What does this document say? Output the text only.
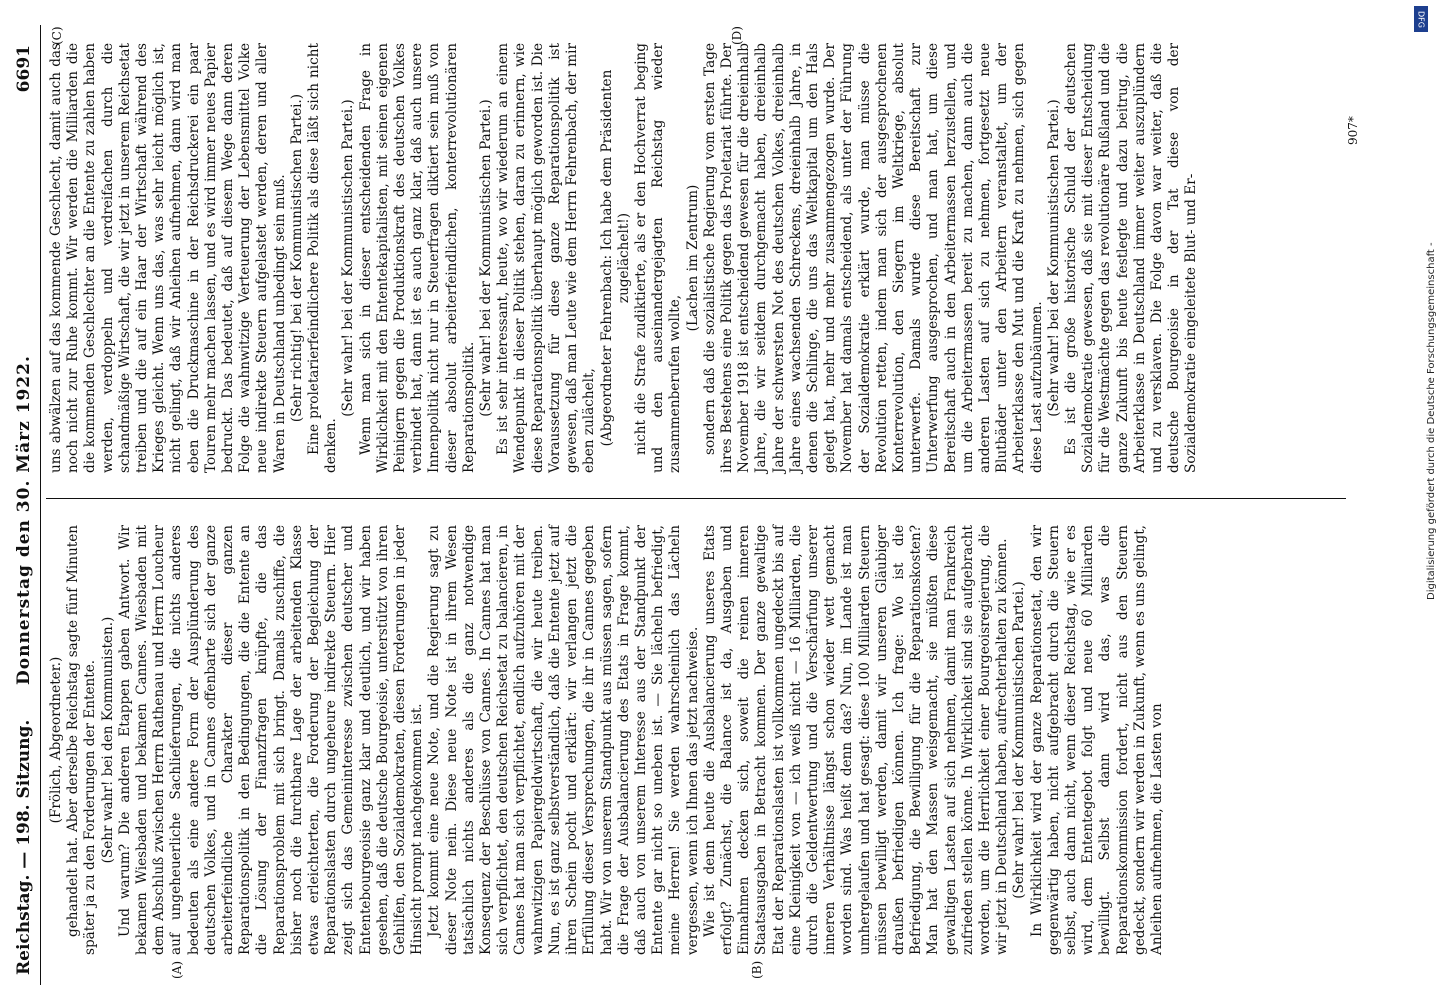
Reichstag. — 198. Sitzung.
Donnerstag den 30. März 1922.
6691
(A)	(B)
(C)	(D)

(Frölich, Abgeordneter.) gehandelt hat. Aber derselbe Reichstag sagte fünf Minuten später ja zu den Forderungen der Entente. (Sehr wahr! bei den Kommunisten.) Und warum? Die anderen Etappen gaben Antwort. Wir bekamen Wiesbaden und bekamen Cannes. Wiesbaden mit dem Abschluß zwischen Herrn Rathenau und Herrn Loucheur auf ungeheuerliche Sachlieferungen, die nichts anderes bedeuten als eine andere Form der Ausplünderung des deutschen Volkes, und in Cannes offenbarte sich der ganze arbeiterfeindliche Charakter dieser ganzen Reparationspolitik in den Bedingungen, die die Entente an die Lösung der Finanzfragen knüpfte, die das Reparationsproblem mit sich bringt. Damals zuschiffe, die bisher noch die furchtbare Lage der arbeitenden Klasse etwas erleichterten, die Forderung der Begleichung der Reparationslasten durch ungeheure indirekte Steuern. Hier zeigt sich das Gemeininteresse zwischen deutscher und Ententebourgeoisie ganz klar und deutlich, und wir haben gesehen, daß die deutsche Bourgeoisie, unterstützt von ihren Gehilfen, den Sozialdemokraten, diesen Forderungen in jeder Hinsicht prompt nachgekommen ist. Jetzt kommt eine neue Note, und die Regierung sagt zu dieser Note nein. Diese neue Note ist in ihrem Wesen tatsächlich nichts anderes als die ganz notwendige Konsequenz der Beschlüsse von Cannes. In Cannes hat man sich verpflichtet, den deutschen Reichsetat zu balancieren, in Cannes hat man sich verpflichtet, endlich aufzuhören mit der wahnwitzigen Papiergeldwirtschaft, die wir heute treiben. Nun, es ist ganz selbstverständlich, daß die Entente jetzt auf ihren Schein pocht und erklärt: wir verlangen jetzt die Erfüllung dieser Versprechungen, die ihr in Cannes gegeben habt. Wir von unserem Standpunkt aus müssen sagen, sofern die Frage der Ausbalancierung des Etats in Frage kommt, daß auch von unserem Interesse aus der Standpunkt der Entente gar nicht so uneben ist. — Sie lächeln befriedigt, meine Herren! Sie werden wahrscheinlich das Lächeln vergessen, wenn ich Ihnen das jetzt nachweise. Wie ist denn heute die Ausbalancierung unseres Etats erfolgt? Zunächst, die Balance ist da, Ausgaben und Einnahmen decken sich, soweit die reinen inneren Staatsausgaben in Betracht kommen. Der ganze gewaltige Etat der Reparationslasten ist vollkommen ungedeckt bis auf eine Kleinigkeit von — ich weiß nicht — 16 Milliarden, die durch die Geldentwertung und die Verschärfung unserer inneren Verhältnisse längst schon wieder wett gemacht worden sind. Was heißt denn das? Nun, im Lande ist man umhergelaufen und hat gesagt: diese 100 Milliarden Steuern müssen bewilligt werden, damit wir unseren Gläubiger draußen befriedigen können. Ich frage: Wo ist die Befriedigung, die Bewilligung für die Reparationskosten? Man hat den Massen weisgemacht, sie müßten diese gewaltigen Lasten auf sich nehmen, damit man Frankreich zufrieden stellen könne. In Wirklichkeit sind sie aufgebracht worden, um die Herrlichkeit einer Bourgeoisregierung, die wir jetzt in Deutschland haben, aufrechterhalten zu können. (Sehr wahr! bei der Kommunistischen Partei.) In Wirklichkeit wird der ganze Reparationsetat, den wir gegenwärtig haben, nicht aufgebracht durch die Steuern selbst, auch dann nicht, wenn dieser Reichstag, wie er es wird, dem Ententegebot folgt und neue 60 Milliarden bewilligt. Selbst dann wird das, was die Reparationskommission fordert, nicht aus den Steuern gedeckt, sondern wir werden in Zukunft, wenn es uns gelingt, Anleihen aufnehmen, die Lasten von

uns abwälzen auf das kommende Geschlecht, damit auch das noch nicht zur Ruhe kommt. Wir werden die Milliarden die die kommenden Geschlechter an die Entente zu zahlen haben werden, verdoppeln und verdreifachen durch die schandmäßige Wirtschaft, die wir jetzt in unserem Reichsetat treiben und die auf ein Haar der Wirtschaft während des Krieges gleicht. Wenn uns das, was sehr leicht möglich ist, nicht gelingt, daß wir Anleihen aufnehmen, dann wird man eben die Druckmaschine in der Reichsdruckerei ein paar Touren mehr machen lassen, und es wird immer neues Papier bedruckt. Das bedeutet, daß auf diesem Wege dann deren Folge die wahnwitzige Verteuerung der Lebensmittel Volke neue indirekte Steuern aufgelastet werden, deren und aller Waren in Deutschland unbedingt sein muß. (Sehr richtig! bei der Kommunistischen Partei.) Eine proletarierfeindlichere Politik als diese läßt sich nicht denken.

(Sehr wahr! bei der Kommunistischen Partei.) Wenn man sich in dieser entscheidenden Frage in Wirklichkeit mit den Ententekapitalisten, mit seinen eigenen Peinigern gegen die Produktionskraft des deutschen Volkes verbindet hat, dann ist es auch ganz klar, daß auch unsere Innenpolitik nicht nur in Steuerfragen diktiert sein muß von dieser absolut arbeiterfeindlichen, konterrevolutionären Reparationspolitik. (Sehr wahr! bei der Kommunistischen Partei.) Es ist sehr interessant, heute, wo wir wiederum an einem Wendepunkt in dieser Politik stehen, daran zu erinnern, wie diese Reparationspolitik überhaupt möglich geworden ist. Die Voraussetzung für diese ganze Reparationspolitik ist gewesen, daß man Leute wie dem Herrn Fehrenbach, der mir eben zulächelt, (Abgeordneter Fehrenbach: Ich habe dem Präsidenten zugelächelt!) nicht die Strafe zudiktierte, als er den Hochverrat beging und den auseinandergejagten Reichstag wieder zusammenberufen wollte,

(Lachen im Zentrum) sondern daß die sozialistische Regierung vom ersten Tage ihres Bestehens eine Politik gegen das Proletariat führte. Der November 1918 ist entscheidend gewesen für die dreieinhalb Jahre, die wir seitdem durchgemacht haben, dreieinhalb Jahre der schwersten Not des deutschen Volkes, dreieinhalb Jahre eines wachsenden Schreckens, dreieinhalb Jahre, in denen die Schlinge, die uns das Weltkapital um den Hals gelegt hat, mehr und mehr zusammengezogen wurde. Der November hat damals entscheidend, als unter der Führung der Sozialdemokratie erklärt wurde, man müsse die Revolution retten, indem man sich der ausgesprochenen Konterrevolution, den Siegern im Weltkriege, absolut unterwerfe. Damals wurde diese Bereitschaft zur Unterwerfung ausgesprochen, und man hat, um diese Bereitschaft auch in den Arbeitermassen herzustellen, und um die Arbeitermassen bereit zu machen, dann auch die anderen Lasten auf sich zu nehmen, fortgesetzt neue Blutbäder unter den Arbeitern veranstaltet, um der Arbeiterklasse den Mut und die Kraft zu nehmen, sich gegen diese Last aufzubäumen. (Sehr wahr! bei der Kommunistischen Partei.) Es ist die große historische Schuld der deutschen Sozialdemokratie gewesen, daß sie mit dieser Entscheidung für die Westmächte gegen das revolutionäre Rußland und die ganze Zukunft bis heute festlegte und dazu beitrug, die Arbeiterklasse in Deutschland immer weiter auszuplündern und zu versklaven. Die Folge davon war weiter, daß die deutsche Bourgeoisie in der Tat diese von der Sozialdemokratie eingeleitete Blut- und Er-

907*
DFG
Digitalisierung gefördert durch die Deutsche Forschungsgemeinschaft -
